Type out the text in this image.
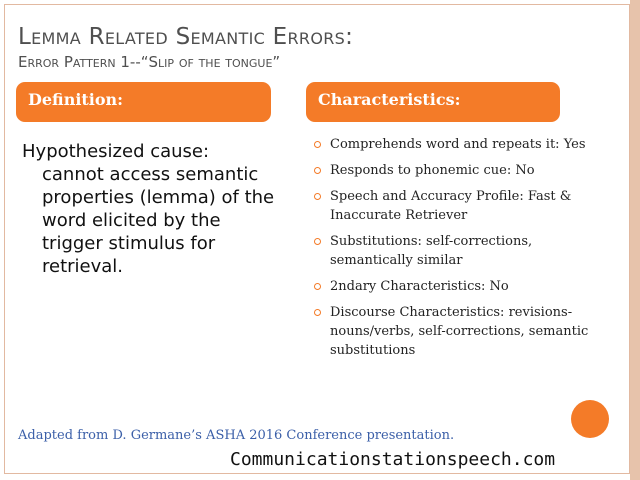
Lemma Related Semantic Errors:
Error Pattern 1--“Slip of the tongue”
Definition:	Characteristics:
Hypothesized cause:
cannot access semantic properties (lemma) of the word elicited by the trigger stimulus for retrieval.
Comprehends word and repeats it: Yes
Responds to phonemic cue: No
Speech and Accuracy Profile: Fast & Inaccurate Retriever
Substitutions: self-corrections, semantically similar
2ndary Characteristics: No
Discourse Characteristics: revisions-nouns/verbs, self-corrections, semantic substitutions
Adapted from D. Germane’s ASHA 2016 Conference presentation.
Communicationstationspeech.com
